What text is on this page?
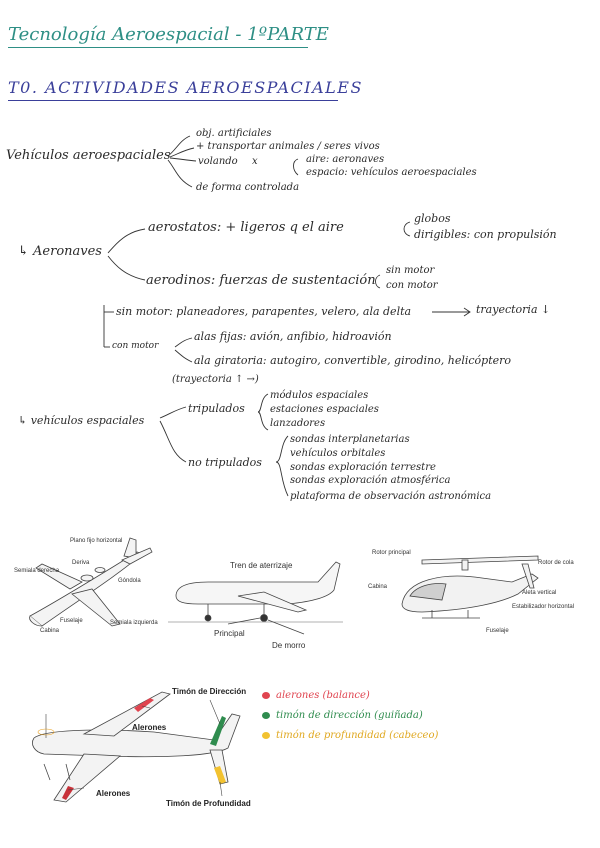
Tecnología Aeroespacial - 1ºPARTE
T0. ACTIVIDADES AEROESPACIALES
Vehículos aeroespaciales
obj. artificiales
+ transportar animales / seres vivos
volando x	aire: aeronaves
espacio: vehículos aeroespaciales
de forma controlada
↳ Aeronaves
aerostatos: + ligeros q el aire
globos
dirigibles: con propulsión
aerodinos: fuerzas de sustentación
sin motor
con motor
sin motor: planeadores, parapentes, velero, ala delta	trayectoria ↓
con motor
alas fijas: avión, anfibio, hidroavión
ala giratoria: autogiro, convertible, girodino, helicóptero
(trayectoria ↑ →)
↳ vehículos espaciales
tripulados
módulos espaciales
estaciones espaciales
lanzadores
no tripulados
sondas interplanetarias
vehículos orbitales
sondas exploración terrestre
sondas exploración atmosférica
plataforma de observación astronómica
Plano fijo horizontal
Deriva
Semiala derecha
Góndola
Fuselaje
Cabina
Semiala izquierda
Tren de aterrizaje
Principal
De morro
Rotor principal
Rotor de cola
Cabina
Aleta vertical
Estabilizador horizontal
Fuselaje
Timón de Dirección
Alerones
Alerones
Timón de Profundidad
alerones (balance)
timón de dirección (guiñada)
timón de profundidad (cabeceo)
